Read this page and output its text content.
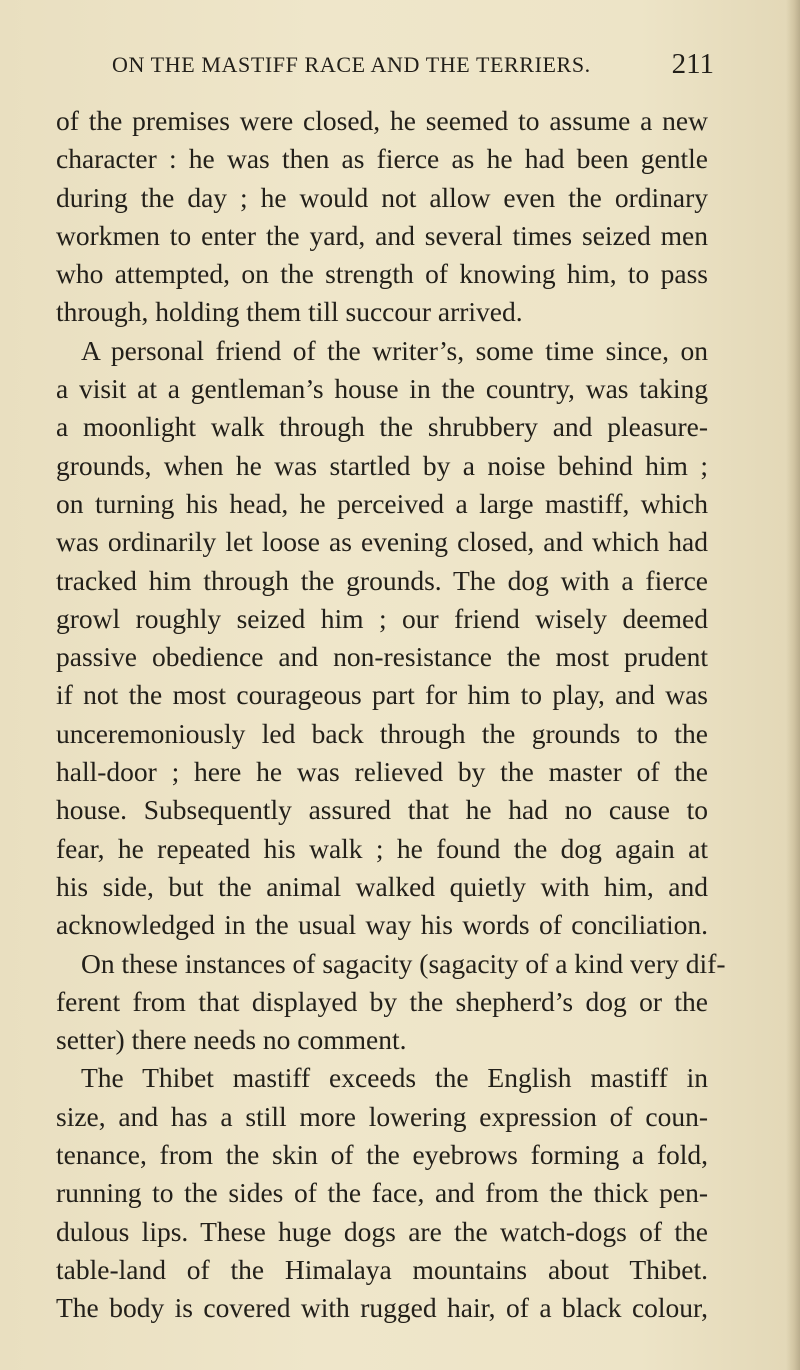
ON THE MASTIFF RACE AND THE TERRIERS.	211
of the premises were closed, he seemed to assume a new
character : he was then as fierce as he had been gentle
during the day ; he would not allow even the ordinary
workmen to enter the yard, and several times seized men
who attempted, on the strength of knowing him, to pass
through, holding them till succour arrived.
A personal friend of the writer’s, some time since, on
a visit at a gentleman’s house in the country, was taking
a moonlight walk through the shrubbery and pleasure-
grounds, when he was startled by a noise behind him ;
on turning his head, he perceived a large mastiff, which
was ordinarily let loose as evening closed, and which had
tracked him through the grounds. The dog with a fierce
growl roughly seized him ; our friend wisely deemed
passive obedience and non-resistance the most prudent
if not the most courageous part for him to play, and was
unceremoniously led back through the grounds to the
hall-door ; here he was relieved by the master of the
house. Subsequently assured that he had no cause to
fear, he repeated his walk ; he found the dog again at
his side, but the animal walked quietly with him, and
acknowledged in the usual way his words of conciliation.
On these instances of sagacity (sagacity of a kind very dif-
ferent from that displayed by the shepherd’s dog or the
setter) there needs no comment.
The Thibet mastiff exceeds the English mastiff in
size, and has a still more lowering expression of coun-
tenance, from the skin of the eyebrows forming a fold,
running to the sides of the face, and from the thick pen-
dulous lips. These huge dogs are the watch-dogs of the
table-land of the Himalaya mountains about Thibet.
The body is covered with rugged hair, of a black colour,
